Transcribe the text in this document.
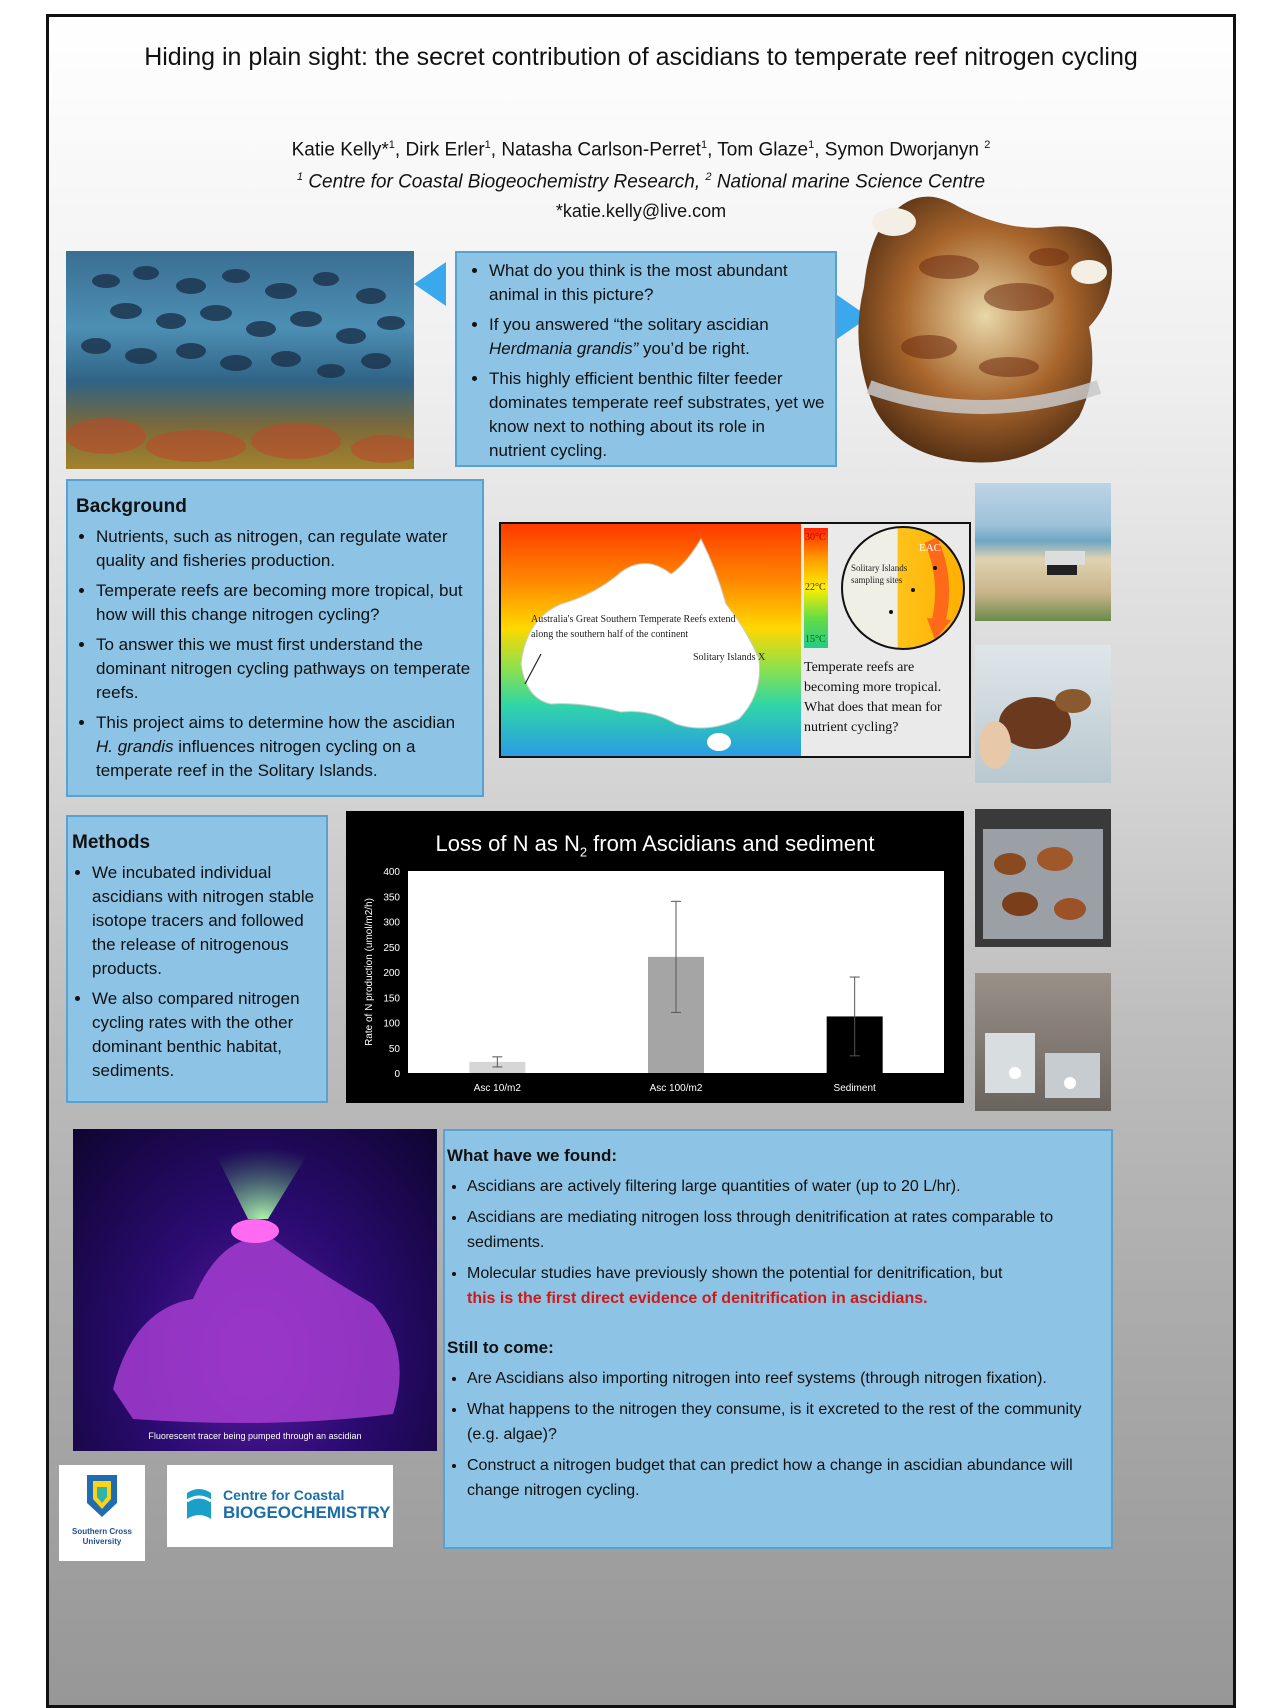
Hiding in plain sight: the secret contribution of ascidians to temperate reef nitrogen cycling
Katie Kelly*$^1$, Dirk Erler$^1$, Natasha Carlson-Perret$^1$, Tom Glaze$^1$, Symon Dworjanyn $^2$
$^1$ Centre for Coastal Biogeochemistry Research, $^2$ National marine Science Centre
*katie.kelly@live.com
• What do you think is the most abundant animal in this picture?
• If you answered “the solitary ascidian Herdmania grandis” you’d be right.
• This highly efficient benthic filter feeder dominates temperate reef substrates, yet we know next to nothing about its role in nutrient cycling.
Background
• Nutrients, such as nitrogen, can regulate water quality and fisheries production.
• Temperate reefs are becoming more tropical, but how will this change nitrogen cycling?
• To answer this we must first understand the dominant nitrogen cycling pathways on temperate reefs.
• This project aims to determine how the ascidian H. grandis influences nitrogen cycling on a temperate reef in the Solitary Islands.
Australia's Great Southern Temperate Reefs extend along the southern half of the continent
Solitary Islands X
30°C
22°C
15°C
EAC
Solitary Islands sampling sites
Temperate reefs are becoming more tropical. What does that mean for nutrient cycling?
Methods
• We incubated individual ascidians with nitrogen stable isotope tracers and followed the release of nitrogenous products.
• We also compared nitrogen cycling rates with the other dominant benthic habitat, sediments.
Loss of N as $N_2$ from Ascidians and sediment
0
50
100
150
200
250
300
350
400
Asc 10/m2	Asc 100/m2	Sediment
Rate of N production (umol/m2/h)
Fluorescent tracer being pumped through an ascidian
What have we found:
• Ascidians are actively filtering large quantities of water (up to 20 L/hr).
• Ascidians are mediating nitrogen loss through denitrification at rates comparable to sediments.
• Molecular studies have previously shown the potential for denitrification, but
this is the first direct evidence of denitrification in ascidians.
Still to come:
• Are Ascidians also importing nitrogen into reef systems (through nitrogen fixation).
• What happens to the nitrogen they consume, is it excreted to the rest of the community (e.g. algae)?
• Construct a nitrogen budget that can predict how a change in ascidian abundance will change nitrogen cycling.
Southern Cross University
Centre for Coastal
BIOGEOCHEMISTRY
